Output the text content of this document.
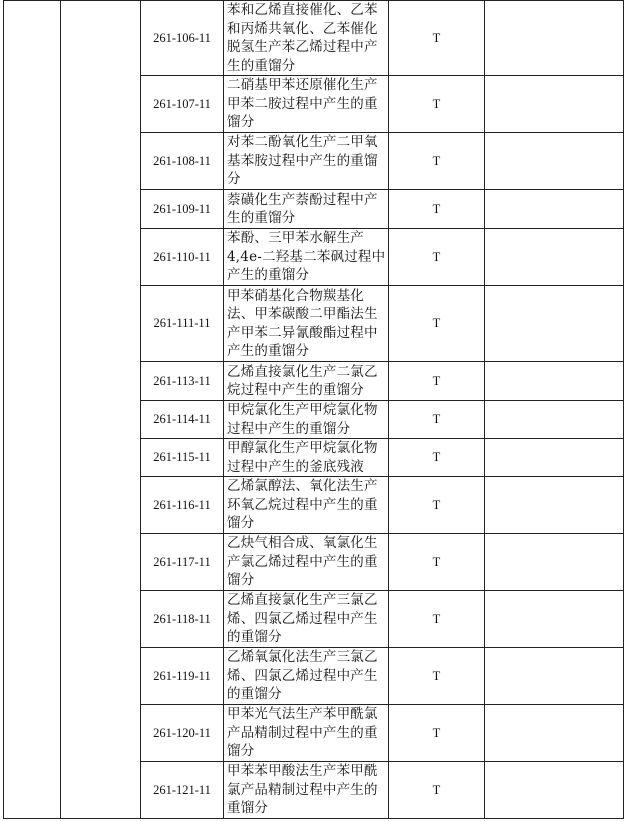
		261-106-11	苯和乙烯直接催化、乙苯和丙烯共氧化、乙苯催化脱氢生产苯乙烯过程中产生的重馏分	T	
		261-107-11	二硝基甲苯还原催化生产甲苯二胺过程中产生的重馏分	T	
		261-108-11	对苯二酚氧化生产二甲氧基苯胺过程中产生的重馏分	T	
		261-109-11	萘磺化生产萘酚过程中产生的重馏分	T	
		261-110-11	苯酚、三甲苯水解生产4,4e-二羟基二苯砜过程中产生的重馏分	T	
		261-111-11	甲苯硝基化合物羰基化法、甲苯碳酸二甲酯法生产甲苯二异氰酸酯过程中产生的重馏分	T	
		261-113-11	乙烯直接氯化生产二氯乙烷过程中产生的重馏分	T	
		261-114-11	甲烷氯化生产甲烷氯化物过程中产生的重馏分	T	
		261-115-11	甲醇氯化生产甲烷氯化物过程中产生的釜底残液	T	
		261-116-11	乙烯氯醇法、氧化法生产环氧乙烷过程中产生的重馏分	T	
		261-117-11	乙炔气相合成、氧氯化生产氯乙烯过程中产生的重馏分	T	
		261-118-11	乙烯直接氯化生产三氯乙烯、四氯乙烯过程中产生的重馏分	T	
		261-119-11	乙烯氧氯化法生产三氯乙烯、四氯乙烯过程中产生的重馏分	T	
		261-120-11	甲苯光气法生产苯甲酰氯产品精制过程中产生的重馏分	T	
		261-121-11	甲苯苯甲酸法生产苯甲酰氯产品精制过程中产生的重馏分	T	
